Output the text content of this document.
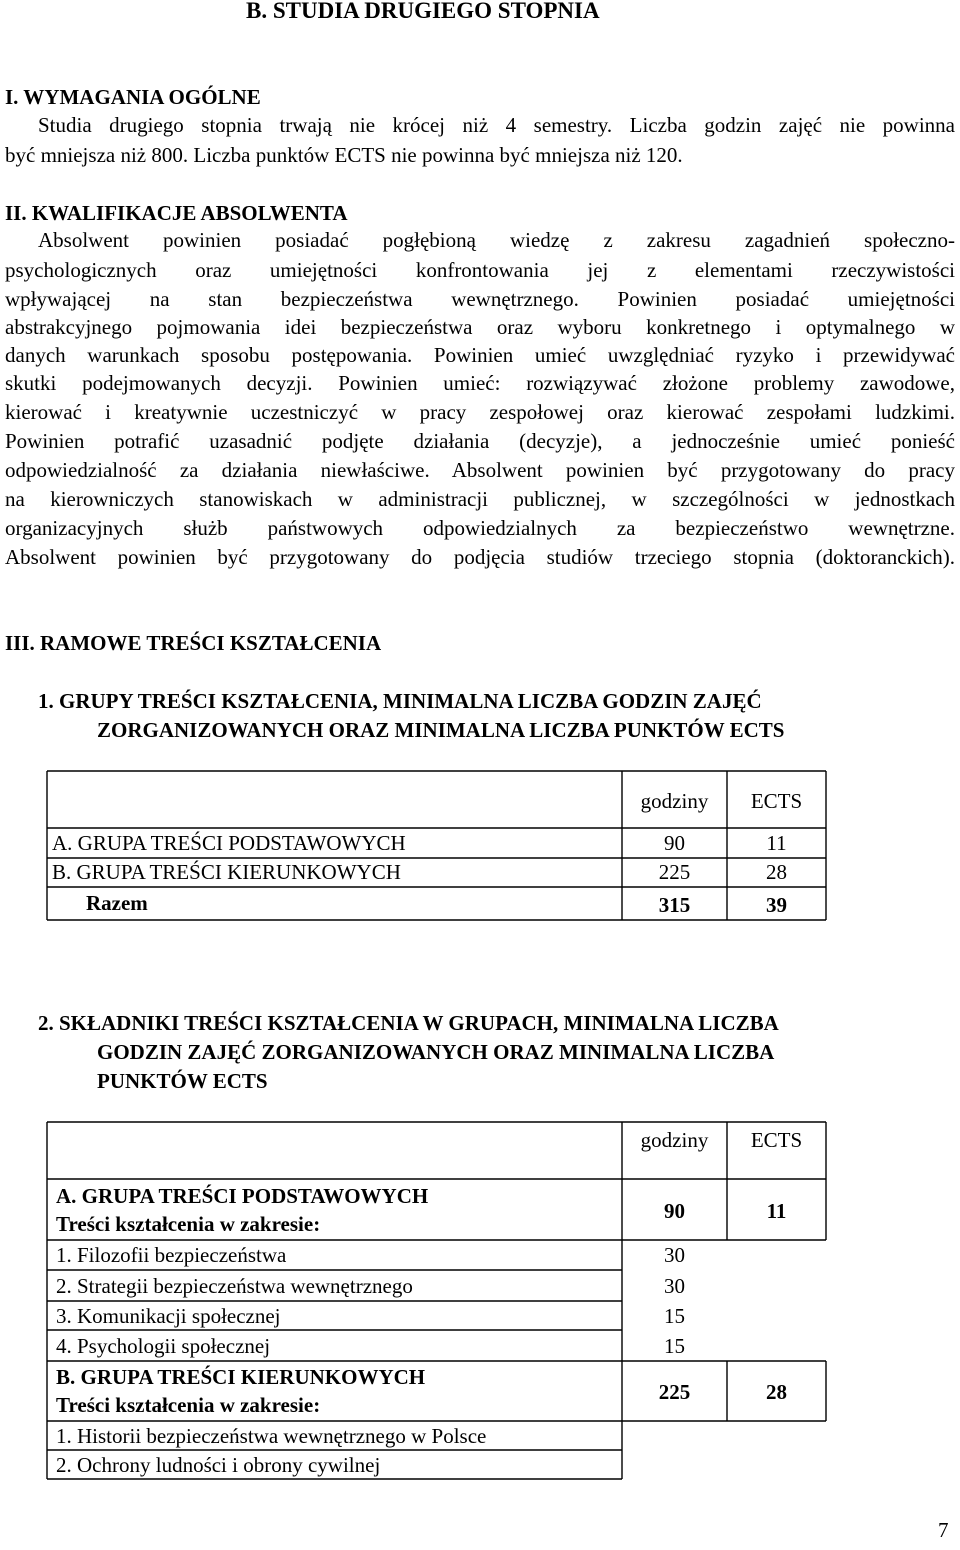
B. STUDIA DRUGIEGO STOPNIA
I. WYMAGANIA OGÓLNE
Studia drugiego stopnia trwają nie krócej niż 4 semestry. Liczba godzin zajęć nie powinna
być mniejsza niż 800. Liczba punktów ECTS nie powinna być mniejsza niż 120.
II. KWALIFIKACJE ABSOLWENTA
Absolwent powinien posiadać pogłębioną wiedzę z zakresu zagadnień społeczno-
psychologicznych oraz umiejętności konfrontowania jej z elementami rzeczywistości
wpływającej na stan bezpieczeństwa wewnętrznego. Powinien posiadać umiejętności
abstrakcyjnego pojmowania idei bezpieczeństwa oraz wyboru konkretnego i optymalnego w
danych warunkach sposobu postępowania. Powinien umieć uwzględniać ryzyko i przewidywać
skutki podejmowanych decyzji. Powinien umieć: rozwiązywać złożone problemy zawodowe,
kierować i kreatywnie uczestniczyć w pracy zespołowej oraz kierować zespołami ludzkimi.
Powinien potrafić uzasadnić podjęte działania (decyzje), a jednocześnie umieć ponieść
odpowiedzialność za działania niewłaściwe. Absolwent powinien być przygotowany do pracy
na kierowniczych stanowiskach w administracji publicznej, w szczególności w jednostkach
organizacyjnych służb państwowych odpowiedzialnych za bezpieczeństwo wewnętrzne.
Absolwent powinien być przygotowany do podjęcia studiów trzeciego stopnia (doktoranckich).
III. RAMOWE TREŚCI KSZTAŁCENIA
1. GRUPY TREŚCI KSZTAŁCENIA, MINIMALNA LICZBA GODZIN ZAJĘĆ
ZORGANIZOWANYCH ORAZ MINIMALNA LICZBA PUNKTÓW ECTS
godziny	ECTS
A. GRUPA TREŚCI PODSTAWOWYCH	90	11
B. GRUPA TREŚCI KIERUNKOWYCH	225	28
Razem	315	39
2. SKŁADNIKI TREŚCI KSZTAŁCENIA W GRUPACH, MINIMALNA LICZBA
GODZIN ZAJĘĆ ZORGANIZOWANYCH ORAZ MINIMALNA LICZBA
PUNKTÓW ECTS
godziny	ECTS
A. GRUPA TREŚCI PODSTAWOWYCH
Treści kształcenia w zakresie:
90	11
1. Filozofii bezpieczeństwa	30
2. Strategii bezpieczeństwa wewnętrznego	30
3. Komunikacji społecznej	15
4. Psychologii społecznej	15
B. GRUPA TREŚCI KIERUNKOWYCH
Treści kształcenia w zakresie:
225	28
1. Historii bezpieczeństwa wewnętrznego w Polsce
2. Ochrony ludności i obrony cywilnej
7
